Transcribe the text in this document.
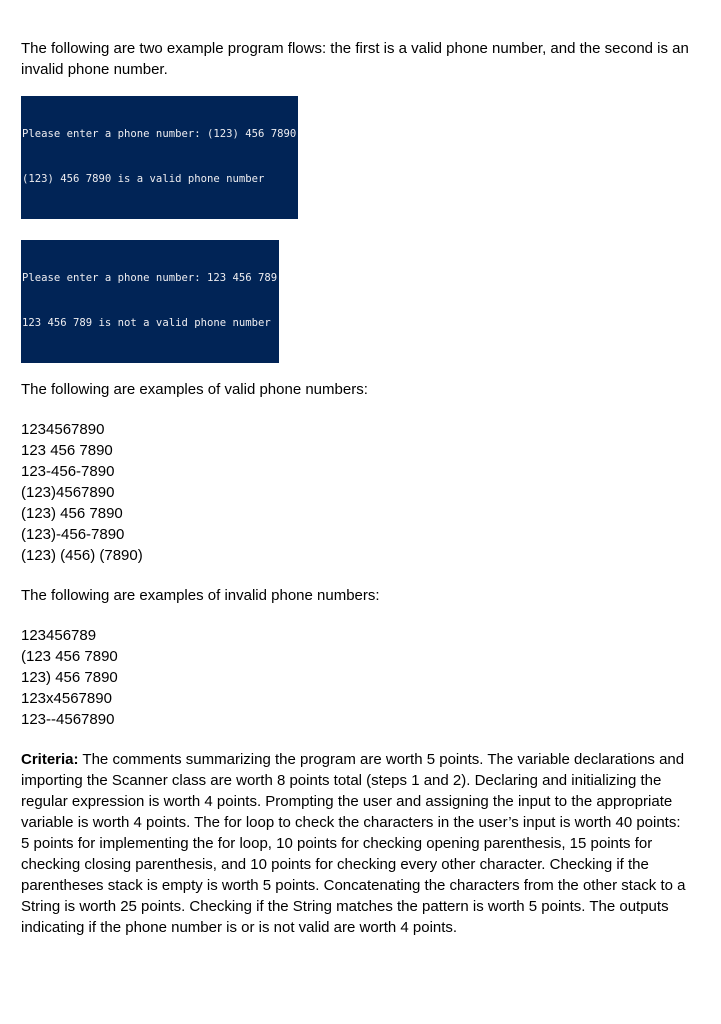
The following are two example program flows: the first is a valid phone number, and the second is an invalid phone number.

Please enter a phone number: (123) 456 7890

(123) 456 7890 is a valid phone number

Please enter a phone number: 123 456 789

123 456 789 is not a valid phone number

The following are examples of valid phone numbers:

1234567890
123 456 7890
123-456-7890
(123)4567890
(123) 456 7890
(123)-456-7890
(123) (456) (7890)

The following are examples of invalid phone numbers:

123456789
(123 456 7890
123) 456 7890
123x4567890
123--4567890

Criteria: The comments summarizing the program are worth 5 points. The variable declarations and importing the Scanner class are worth 8 points total (steps 1 and 2). Declaring and initializing the regular expression is worth 4 points. Prompting the user and assigning the input to the appropriate variable is worth 4 points. The for loop to check the characters in the user’s input is worth 40 points: 5 points for implementing the for loop, 10 points for checking opening parenthesis, 15 points for checking closing parenthesis, and 10 points for checking every other character. Checking if the parentheses stack is empty is worth 5 points. Concatenating the characters from the other stack to a String is worth 25 points. Checking if the String matches the pattern is worth 5 points. The outputs indicating if the phone number is or is not valid are worth 4 points.
